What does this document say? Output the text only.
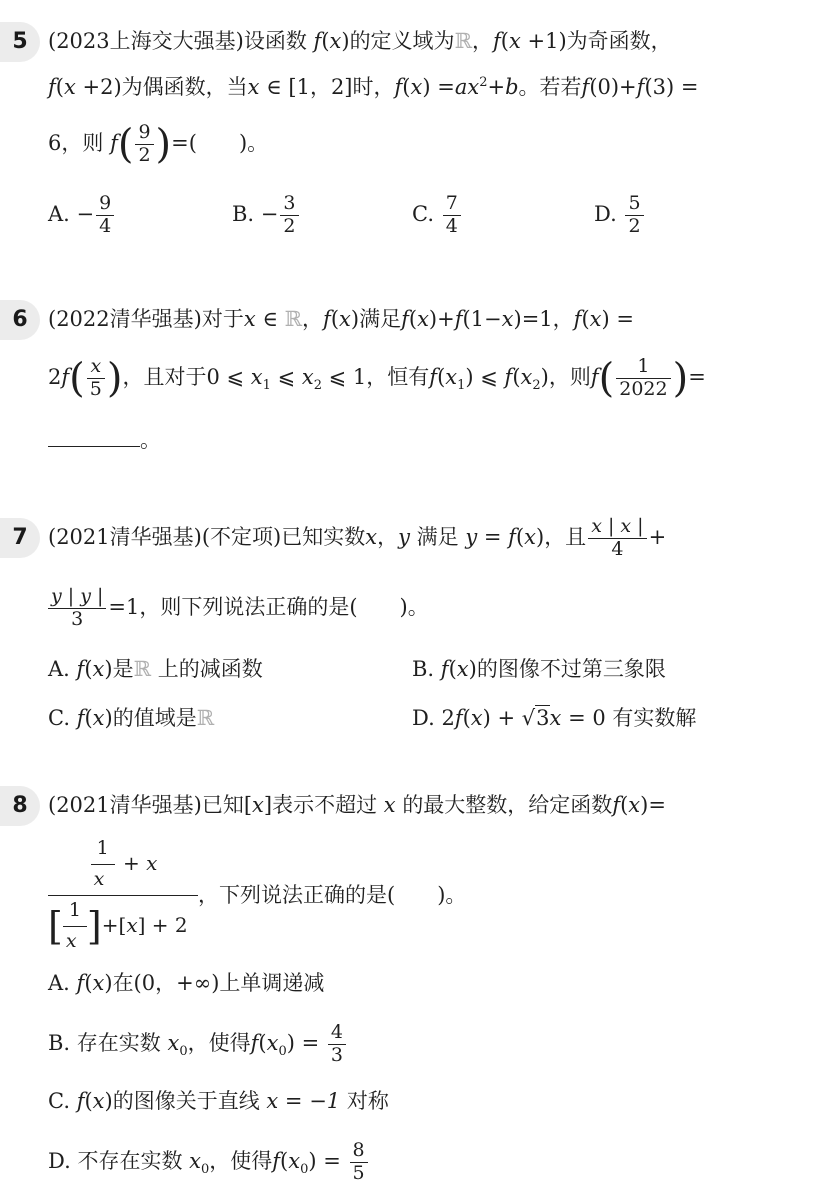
5 (2023上海交大强基)设函数 f(x)的定义域为ℝ，f(x +1)为奇函数，
f(x +2)为偶函数，当x ∈ [1，2]时，$f(x) =ax^2+b$。若若f(0)+f(3) =
6，则 $f( \frac{9}{2}$ )=(　　)。
A. − $\frac{9}{4}$	B. − $\frac{3}{2}$	C. $\frac{7}{4}$	D. $\frac{5}{2}$
6 (2022清华强基)对于x ∈ ℝ，f(x)满足f(x)+f(1−x)=1，f(x) =
$2f( \frac{x}{5}$ )，且对于0 ⩽ $x_1$ ⩽ $x_2$ ⩽ 1，恒有$f(x_1)$ ⩽ $f(x_2)$，则$f( \frac{1}{2022}$ )=
。
7 (2021清华强基)(不定项)已知实数x，y 满足 y = f(x)，且 $\frac{x | x |}{4}$ +
$\frac{y | y |}{3} =1$，则下列说法正确的是(　　)。
A. f(x)是ℝ 上的减函数	B. f(x)的图像不过第三象限
C. f(x)的值域是ℝ	D. 2f(x) + √3x = 0 有实数解
8 (2021清华强基)已知[x]表示不超过 x 的最大整数，给定函数f(x)=
$\frac{\frac{1}{x} + x}{[ \frac{1}{x} ]+[x] + 2}$ ，下列说法正确的是(　　)。
A. f(x)在(0，+∞)上单调递减
B. 存在实数 $x_0$，使得$f(x_0) = \frac{4}{3}$
C. f(x)的图像关于直线 x = −1 对称
D. 不存在实数 $x_0$，使得$f(x_0) = \frac{8}{5}$
